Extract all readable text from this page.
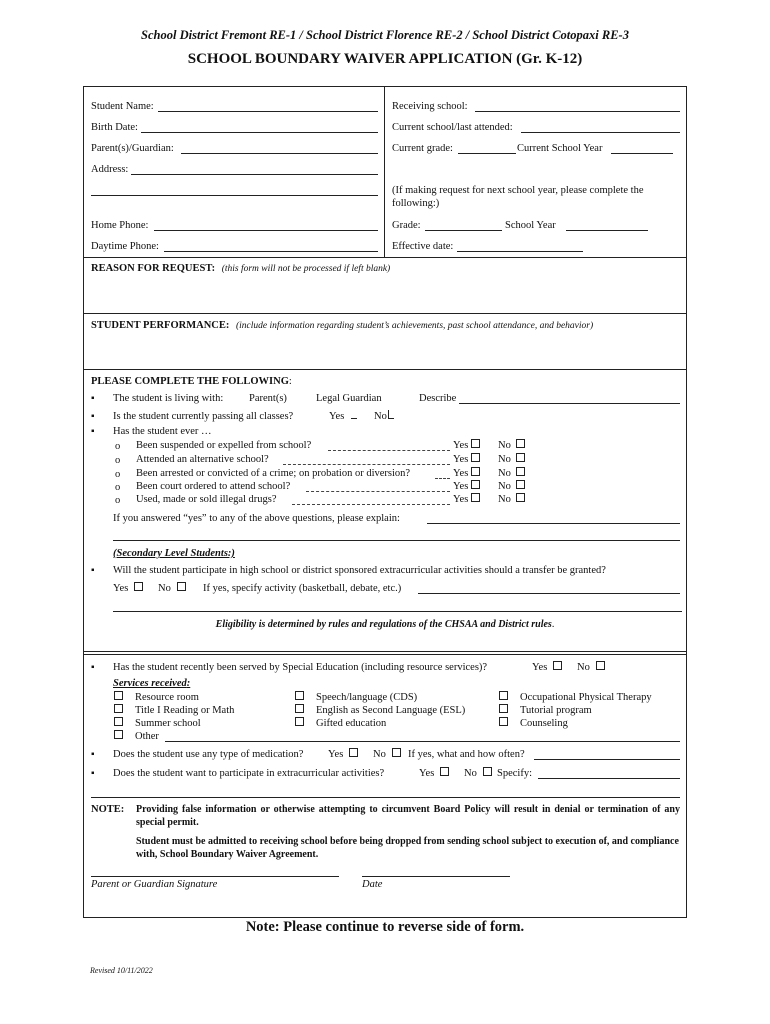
School District Fremont RE-1 / School District Florence RE-2 / School District Cotopaxi RE-3
SCHOOL BOUNDARY WAIVER APPLICATION (Gr. K-12)
Student Name:
Birth Date:
Parent(s)/Guardian:
Address:
Home Phone:
Daytime Phone:
Receiving school:
Current school/last attended:
Current grade:	Current School Year
(If making request for next school year, please complete the following:)
Grade:	School Year
Effective date:
REASON FOR REQUEST: (this form will not be processed if left blank)
STUDENT PERFORMANCE: (include information regarding student’s achievements, past school attendance, and behavior)
PLEASE COMPLETE THE FOLLOWING:
▪ The student is living with: Parent(s)	Legal Guardian	Describe
▪ Is the student currently passing all classes?	Yes	No
▪ Has the student ever …
o Been suspended or expelled from school?	Yes	No
o Attended an alternative school?	Yes	No
o Been arrested or convicted of a crime; on probation or diversion?	Yes	No
o Been court ordered to attend school?	Yes	No
o Used, made or sold illegal drugs?	Yes	No
If you answered “yes” to any of the above questions, please explain:
(Secondary Level Students:)
▪ Will the student participate in high school or district sponsored extracurricular activities should a transfer be granted?
Yes	No	If yes, specify activity (basketball, debate, etc.)
Eligibility is determined by rules and regulations of the CHSAA and District rules.
▪ Has the student recently been served by Special Education (including resource services)?	Yes	No
Services received:
Resource room	Speech/language (CDS)	Occupational Physical Therapy
Title I Reading or Math	English as Second Language (ESL)	Tutorial program
Summer school	Gifted education	Counseling
Other
▪ Does the student use any type of medication? Yes	No	If yes, what and how often?
▪ Does the student want to participate in extracurricular activities?	Yes	No	Specify:
NOTE: Providing false information or otherwise attempting to circumvent Board Policy will result in denial or termination of any special permit.
Student must be admitted to receiving school before being dropped from sending school subject to execution of, and compliance with, School Boundary Waiver Agreement.
Parent or Guardian Signature	Date
Note: Please continue to reverse side of form.
Revised 10/11/2022
